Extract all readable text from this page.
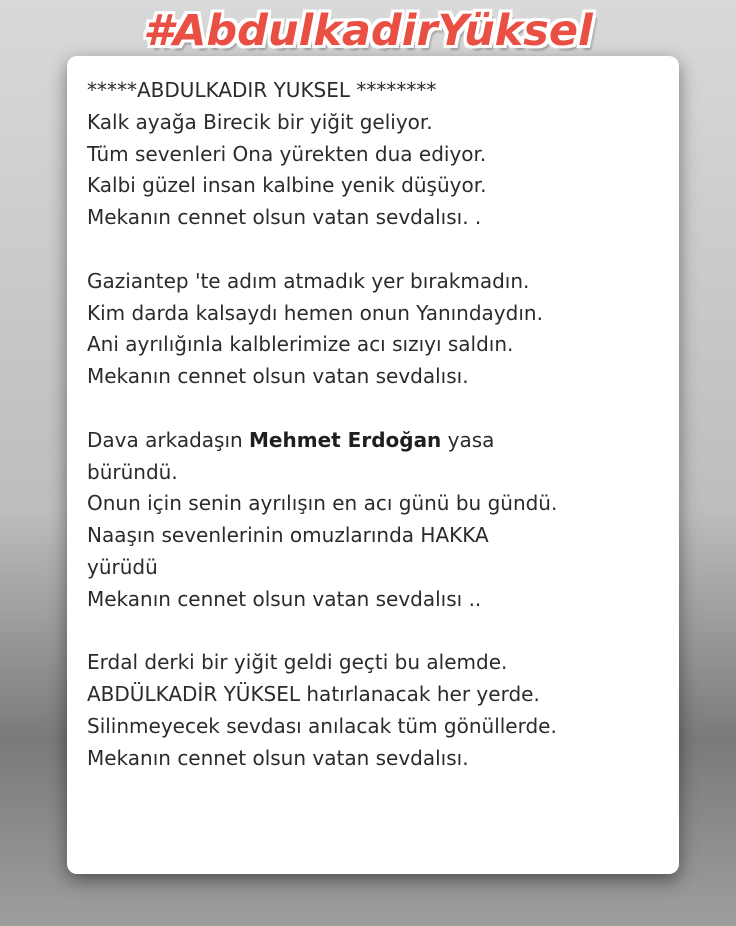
#AbdulkadirYüksel
*****ABDULKADIR YUKSEL ********
Kalk ayağa Birecik bir yiğit geliyor.
Tüm sevenleri Ona yürekten dua ediyor.
Kalbi güzel insan kalbine yenik düşüyor.
Mekanın cennet olsun vatan sevdalısı. .
Gaziantep 'te adım atmadık yer bırakmadın.
Kim darda kalsaydı hemen onun Yanındaydın.
Ani ayrılığınla kalblerimize acı sızıyı saldın.
Mekanın cennet olsun vatan sevdalısı.
Dava arkadaşın Mehmet Erdoğan yasa
büründü.
Onun için senin ayrılışın en acı günü bu gündü.
Naaşın sevenlerinin omuzlarında HAKKA
yürüdü
Mekanın cennet olsun vatan sevdalısı ..
Erdal derki bir yiğit geldi geçti bu alemde.
ABDÜLKADİR YÜKSEL hatırlanacak her yerde.
Silinmeyecek sevdası anılacak tüm gönüllerde.
Mekanın cennet olsun vatan sevdalısı.
